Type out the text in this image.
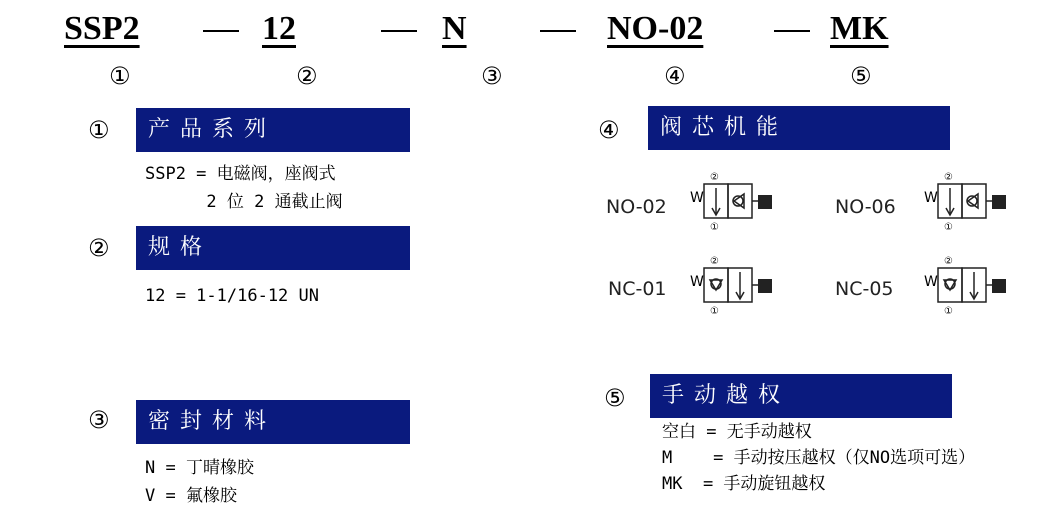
SSP2	12	N	NO-02	MK
①	②	③	④	⑤
①	产品系列
SSP2 = 电磁阀，座阀式
2 位 2 通截止阀
②	规格
12 = 1-1/16-12 UN
③	密封材料
N = 丁晴橡胶
V = 氟橡胶
④	阀芯机能
NO-02 W
②
①
NO-06 W
②
①
NC-01 W
②
①
NC-05 W
②
①
⑤	手动越权
空白 = 无手动越权
M    = 手动按压越权（仅NO选项可选）
MK  = 手动旋钮越权
